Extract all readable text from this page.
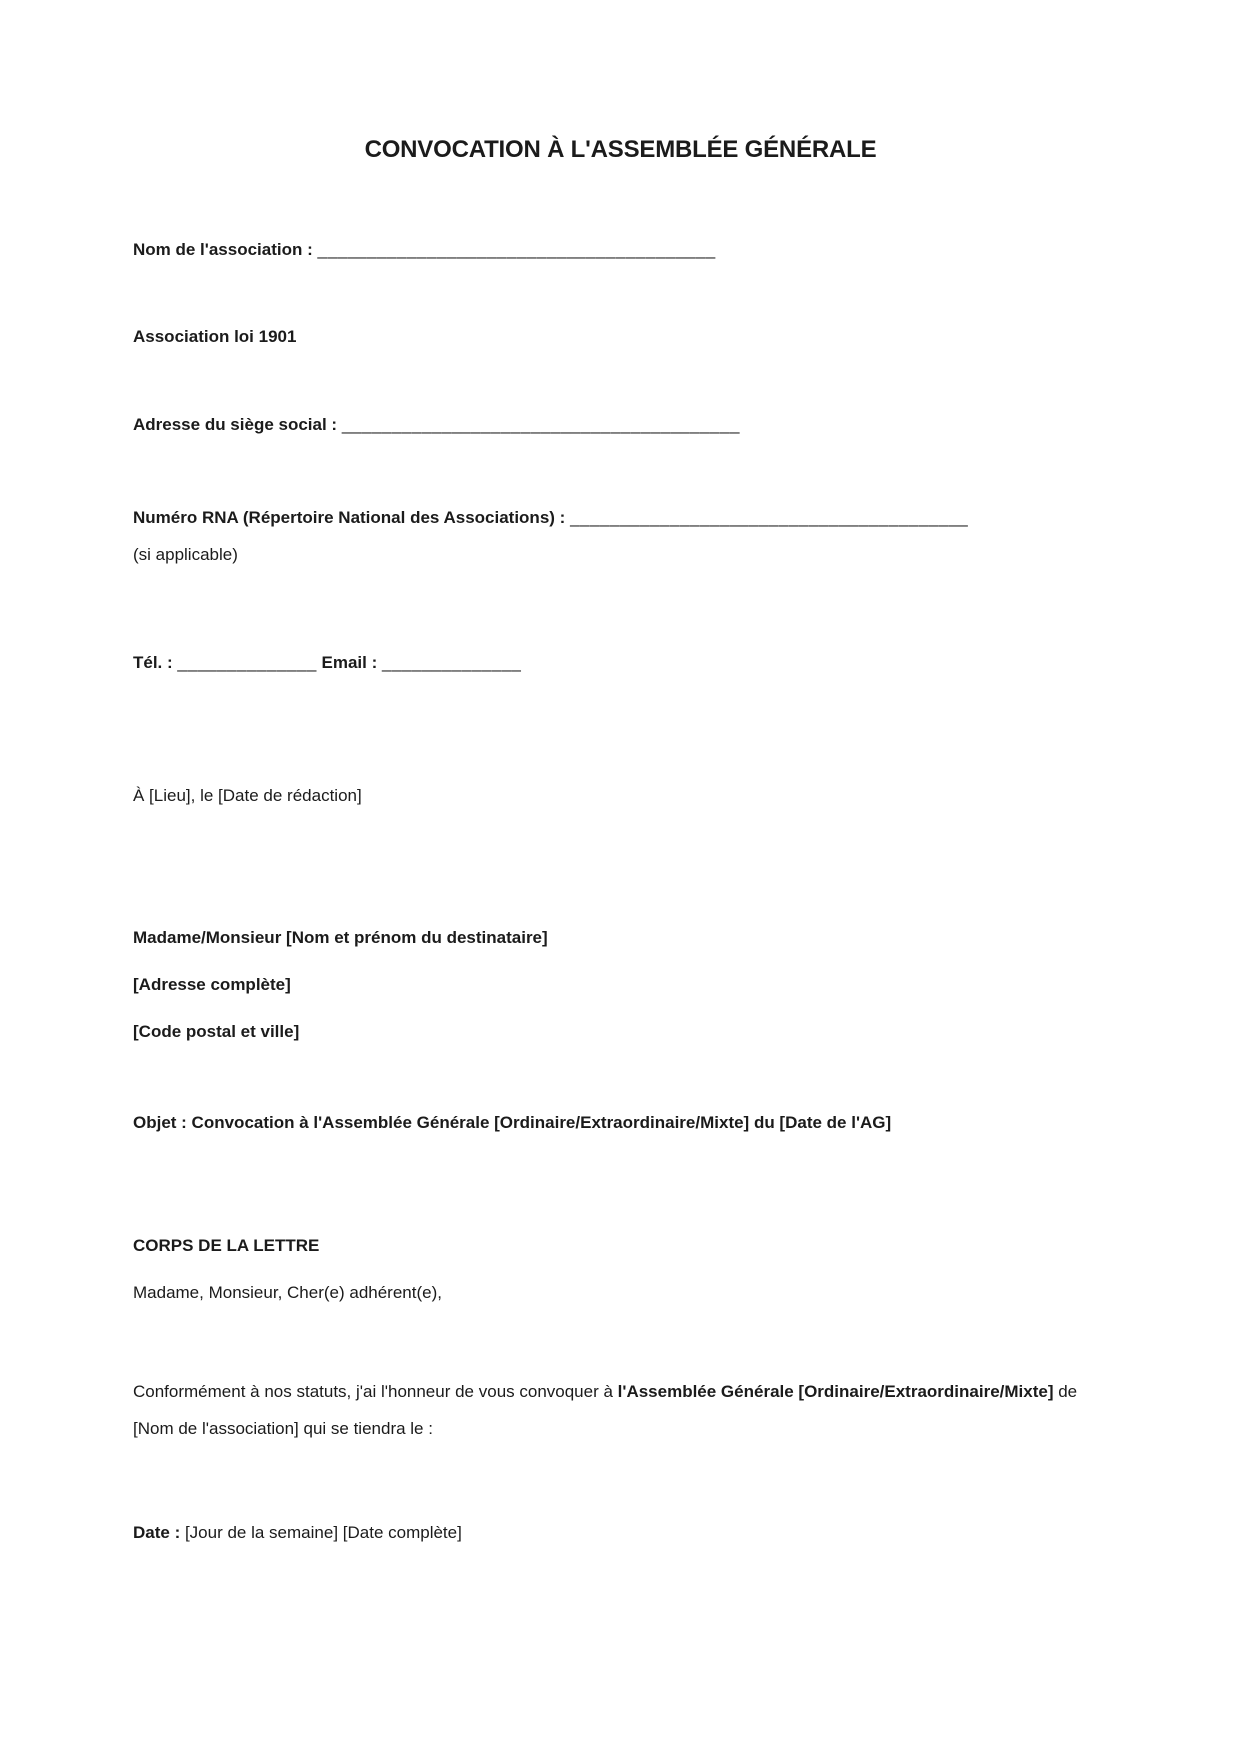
CONVOCATION À L'ASSEMBLÉE GÉNÉRALE

Nom de l'association : ________________________________________

Association loi 1901

Adresse du siège social : ________________________________________

Numéro RNA (Répertoire National des Associations) : ________________________________________
(si applicable)

Tél. : ______________ Email : ______________

À [Lieu], le [Date de rédaction]

Madame/Monsieur [Nom et prénom du destinataire]

[Adresse complète]

[Code postal et ville]

Objet : Convocation à l'Assemblée Générale [Ordinaire/Extraordinaire/Mixte] du [Date de l'AG]

CORPS DE LA LETTRE

Madame, Monsieur, Cher(e) adhérent(e),

Conformément à nos statuts, j'ai l'honneur de vous convoquer à l'Assemblée Générale [Ordinaire/Extraordinaire/Mixte] de [Nom de l'association] qui se tiendra le :

Date : [Jour de la semaine] [Date complète]
